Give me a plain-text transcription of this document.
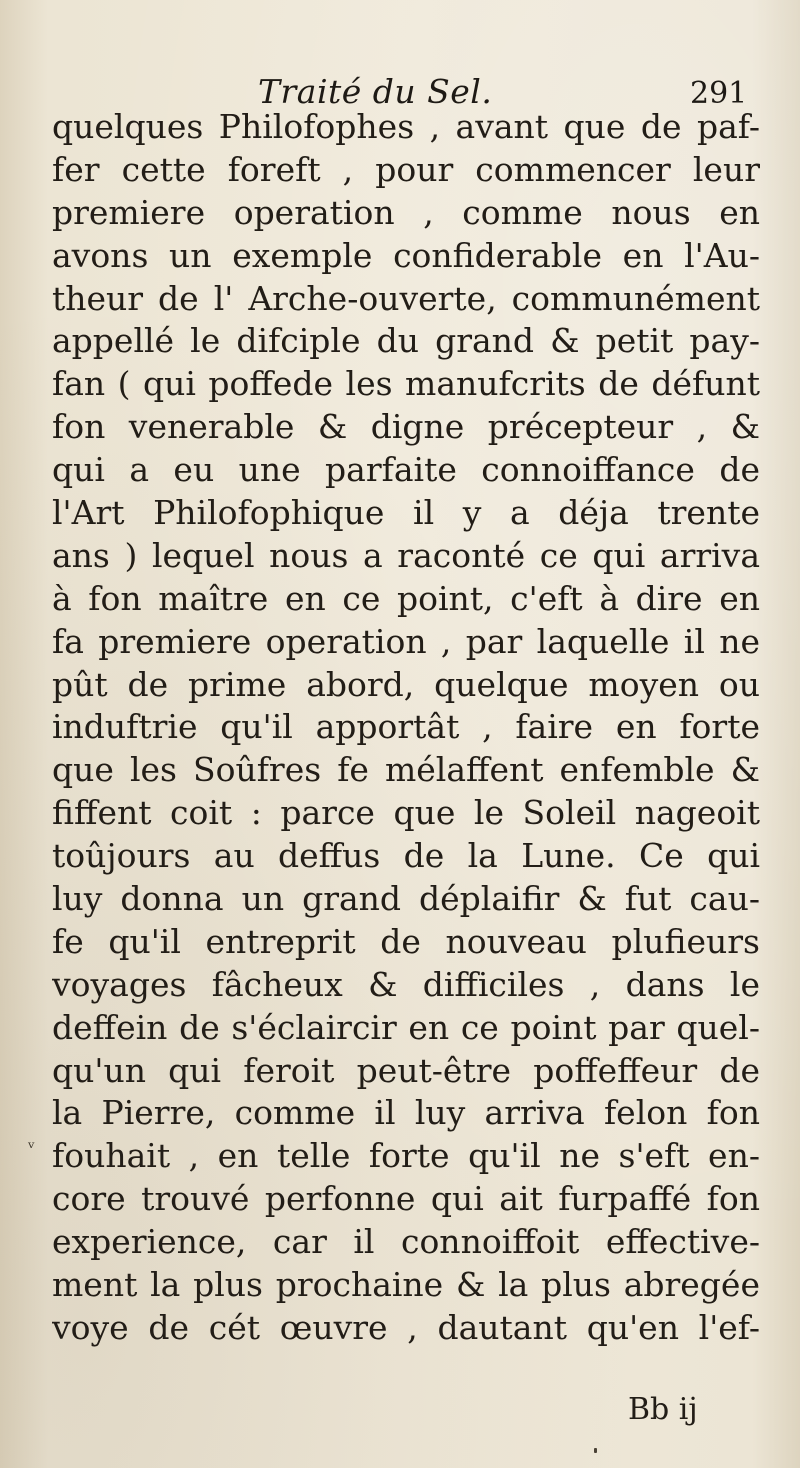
Traité du Sel.	291
quelques Philofophes , avant que de paf-
fer cette foreft , pour commencer leur
premiere operation , comme nous en
avons un exemple confiderable en l'Au-
theur de l' Arche-ouverte, communément
appellé le difciple du grand & petit pay-
fan ( qui poffede les manufcrits de défunt
fon venerable & digne précepteur , &
qui a eu une parfaite connoiffance de
l'Art Philofophique il y a déja trente
ans ) lequel nous a raconté ce qui arriva
à fon maître en ce point, c'eft à dire en
fa premiere operation , par laquelle il ne
pût de prime abord, quelque moyen ou
induftrie qu'il apportât , faire en forte
que les Soûfres fe mélaffent enfemble &
fiffent coit : parce que le Soleil nageoit
toûjours au deffus de la Lune. Ce qui
luy donna un grand déplaifir & fut cau-
fe qu'il entreprit de nouveau plufieurs
voyages fâcheux & difficiles , dans le
deffein de s'éclaircir en ce point par quel-
qu'un qui feroit peut-être poffeffeur de
la Pierre, comme il luy arriva felon fon
fouhait , en telle forte qu'il ne s'eft en-
core trouvé perfonne qui ait furpaffé fon
experience, car il connoiffoit effective-
ment la plus prochaine & la plus abregée
voye de cét œuvre , dautant qu'en l'ef-
ᵛ
Bb ij
